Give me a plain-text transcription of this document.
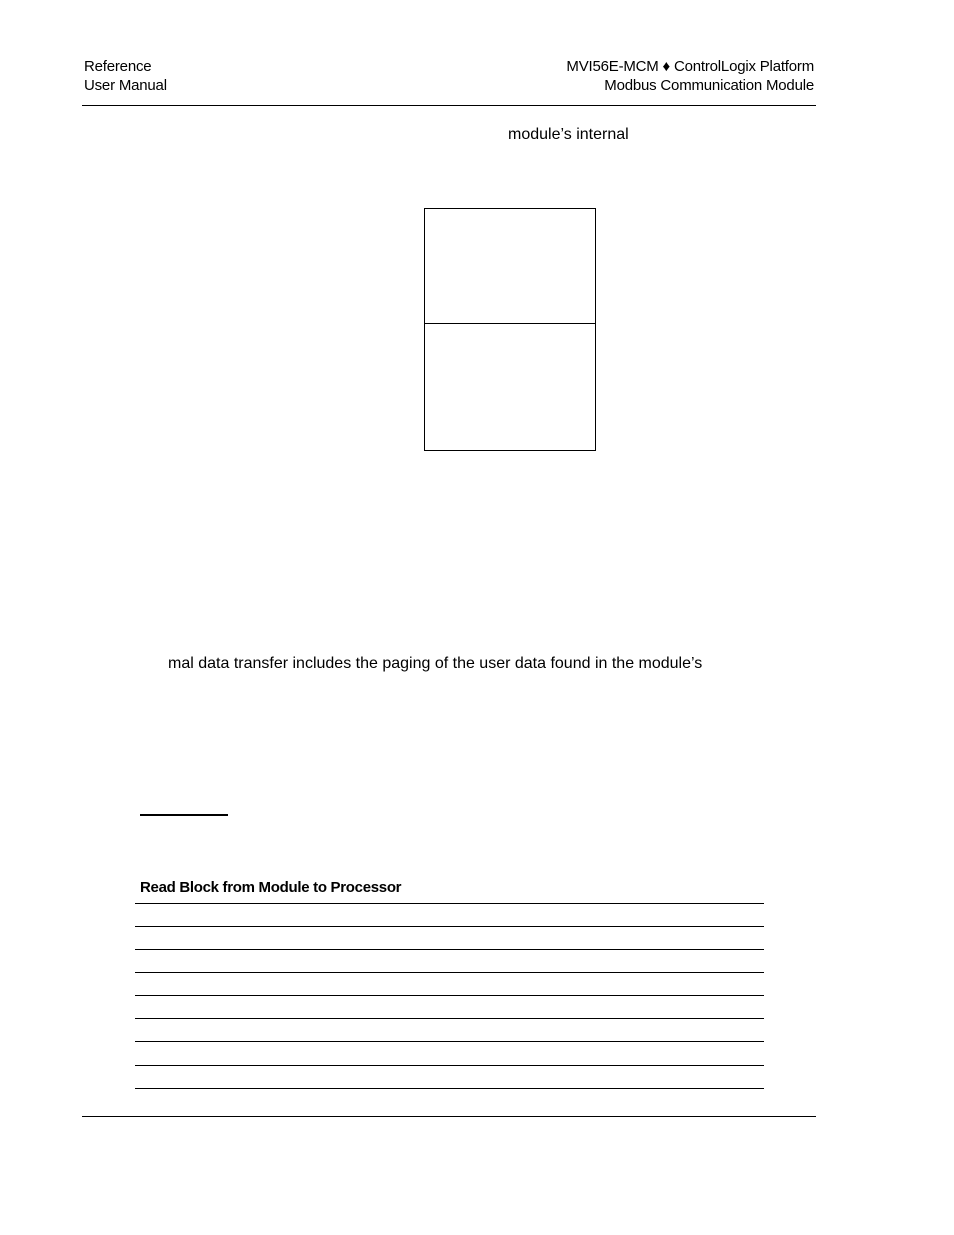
Reference
User Manual
MVI56E-MCM ♦ ControlLogix Platform
Modbus Communication Module
module’s internal
mal data transfer includes the paging of the user data found in the module’s
Read Block from Module to Processor
